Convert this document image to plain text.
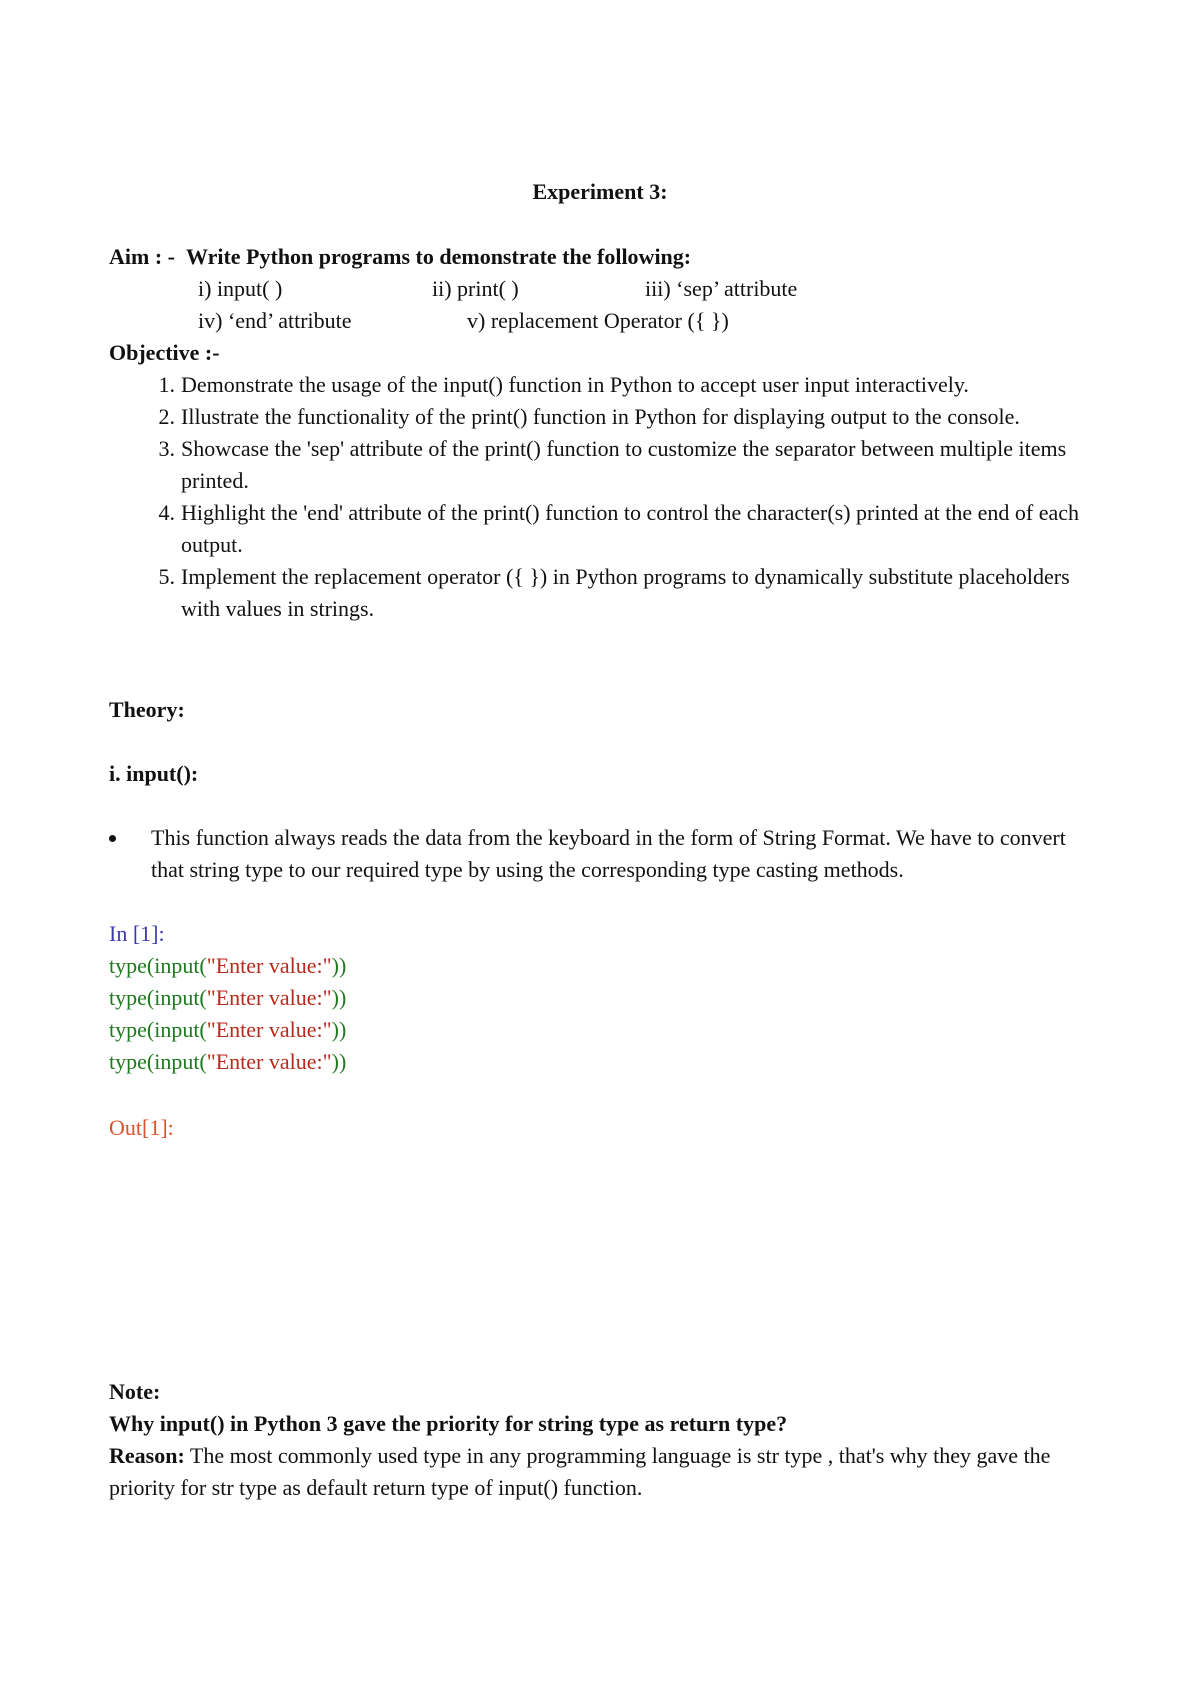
Experiment 3:
Aim : - Write Python programs to demonstrate the following:
i) input( )	ii) print( )	iii) ‘sep’ attribute
iv) ‘end’ attribute	v) replacement Operator ({ })
Objective :-
1. Demonstrate the usage of the input() function in Python to accept user input interactively.
2. Illustrate the functionality of the print() function in Python for displaying output to the console.
3. Showcase the 'sep' attribute of the print() function to customize the separator between multiple items printed.
4. Highlight the 'end' attribute of the print() function to control the character(s) printed at the end of each output.
5. Implement the replacement operator ({ }) in Python programs to dynamically substitute placeholders with values in strings.
Theory:
i. input():
This function always reads the data from the keyboard in the form of String Format. We have to convert that string type to our required type by using the corresponding type casting methods.
In [1]:
type(input("Enter value:"))
type(input("Enter value:"))
type(input("Enter value:"))
type(input("Enter value:"))
Out[1]:
Note:
Why input() in Python 3 gave the priority for string type as return type?
Reason: The most commonly used type in any programming language is str type , that's why they gave the priority for str type as default return type of input() function.
